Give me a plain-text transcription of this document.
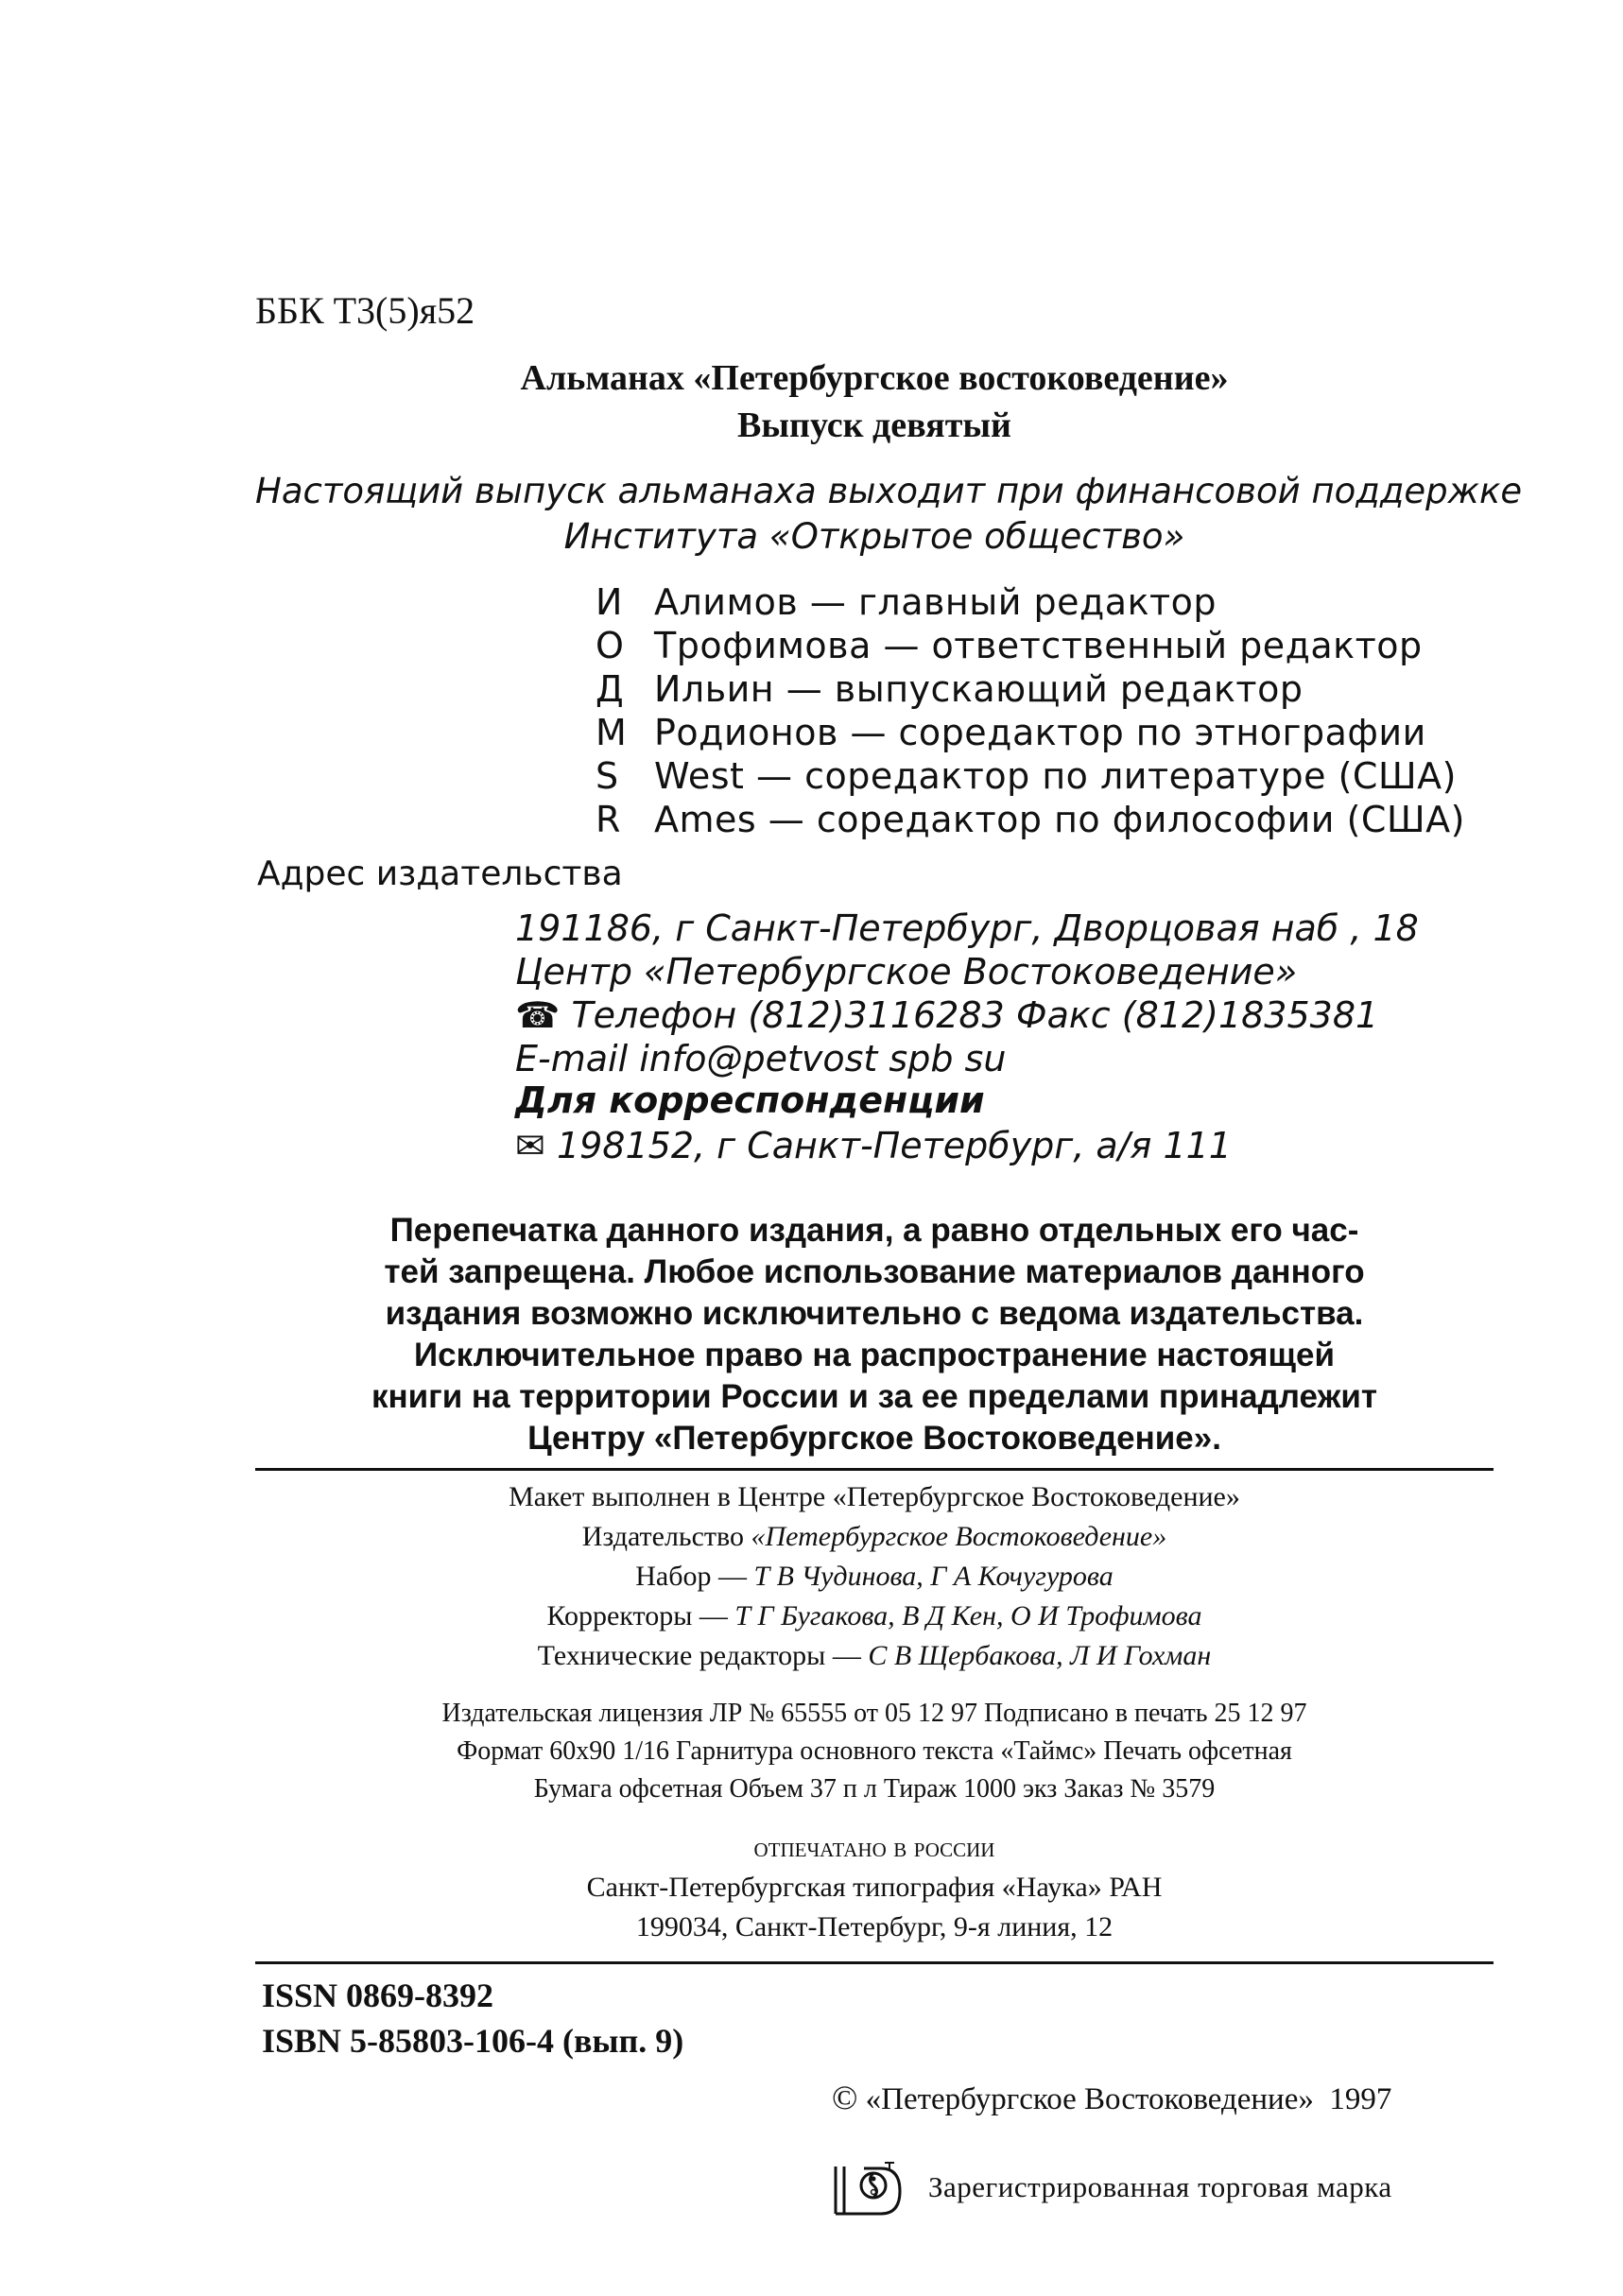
ББК Т3(5)я52
Альманах «Петербургское востоковедение»
Выпуск девятый
Настоящий выпуск альманаха выходит при финансовой поддержке
Института «Открытое общество»
И Алимов — главный редактор
О Трофимова — ответственный редактор
Д Ильин — выпускающий редактор
М Родионов — соредактор по этнографии
S West — соредактор по литературе (США)
R Ames — соредактор по философии (США)
Адрес издательства
191186, г Санкт-Петербург, Дворцовая наб , 18
Центр «Петербургское Востоковедение»
☎ Телефон (812)3116283 Факс (812)1835381
E-mail info@petvost spb su
Для корреспонденции
✉ 198152, г Санкт-Петербург, а/я 111
Перепечатка данного издания, а равно отдельных его час-
тей запрещена. Любое использование материалов данного
издания возможно исключительно с ведома издательства.
Исключительное право на распространение настоящей
книги на территории России и за ее пределами принадлежит
Центру «Петербургское Востоковедение».
Макет выполнен в Центре «Петербургское Востоковедение»
Издательство «Петербургское Востоковедение»
Набор — Т В Чудинова, Г А Кочугурова
Корректоры — Т Г Бугакова, В Д Кен, О И Трофимова
Технические редакторы — С В Щербакова, Л И Гохман
Издательская лицензия ЛР № 65555 от 05 12 97 Подписано в печать 25 12 97
Формат 60х90 1/16 Гарнитура основного текста «Таймс» Печать офсетная
Бумага офсетная Объем 37 п л Тираж 1000 экз Заказ № 3579
отпечатано в россии
Санкт-Петербургская типография «Наука» РАН
199034, Санкт-Петербург, 9-я линия, 12
ISSN 0869-8392
ISBN 5-85803-106-4 (вып. 9)
© «Петербургское Востоковедение» 1997
Зарегистрированная торговая марка
